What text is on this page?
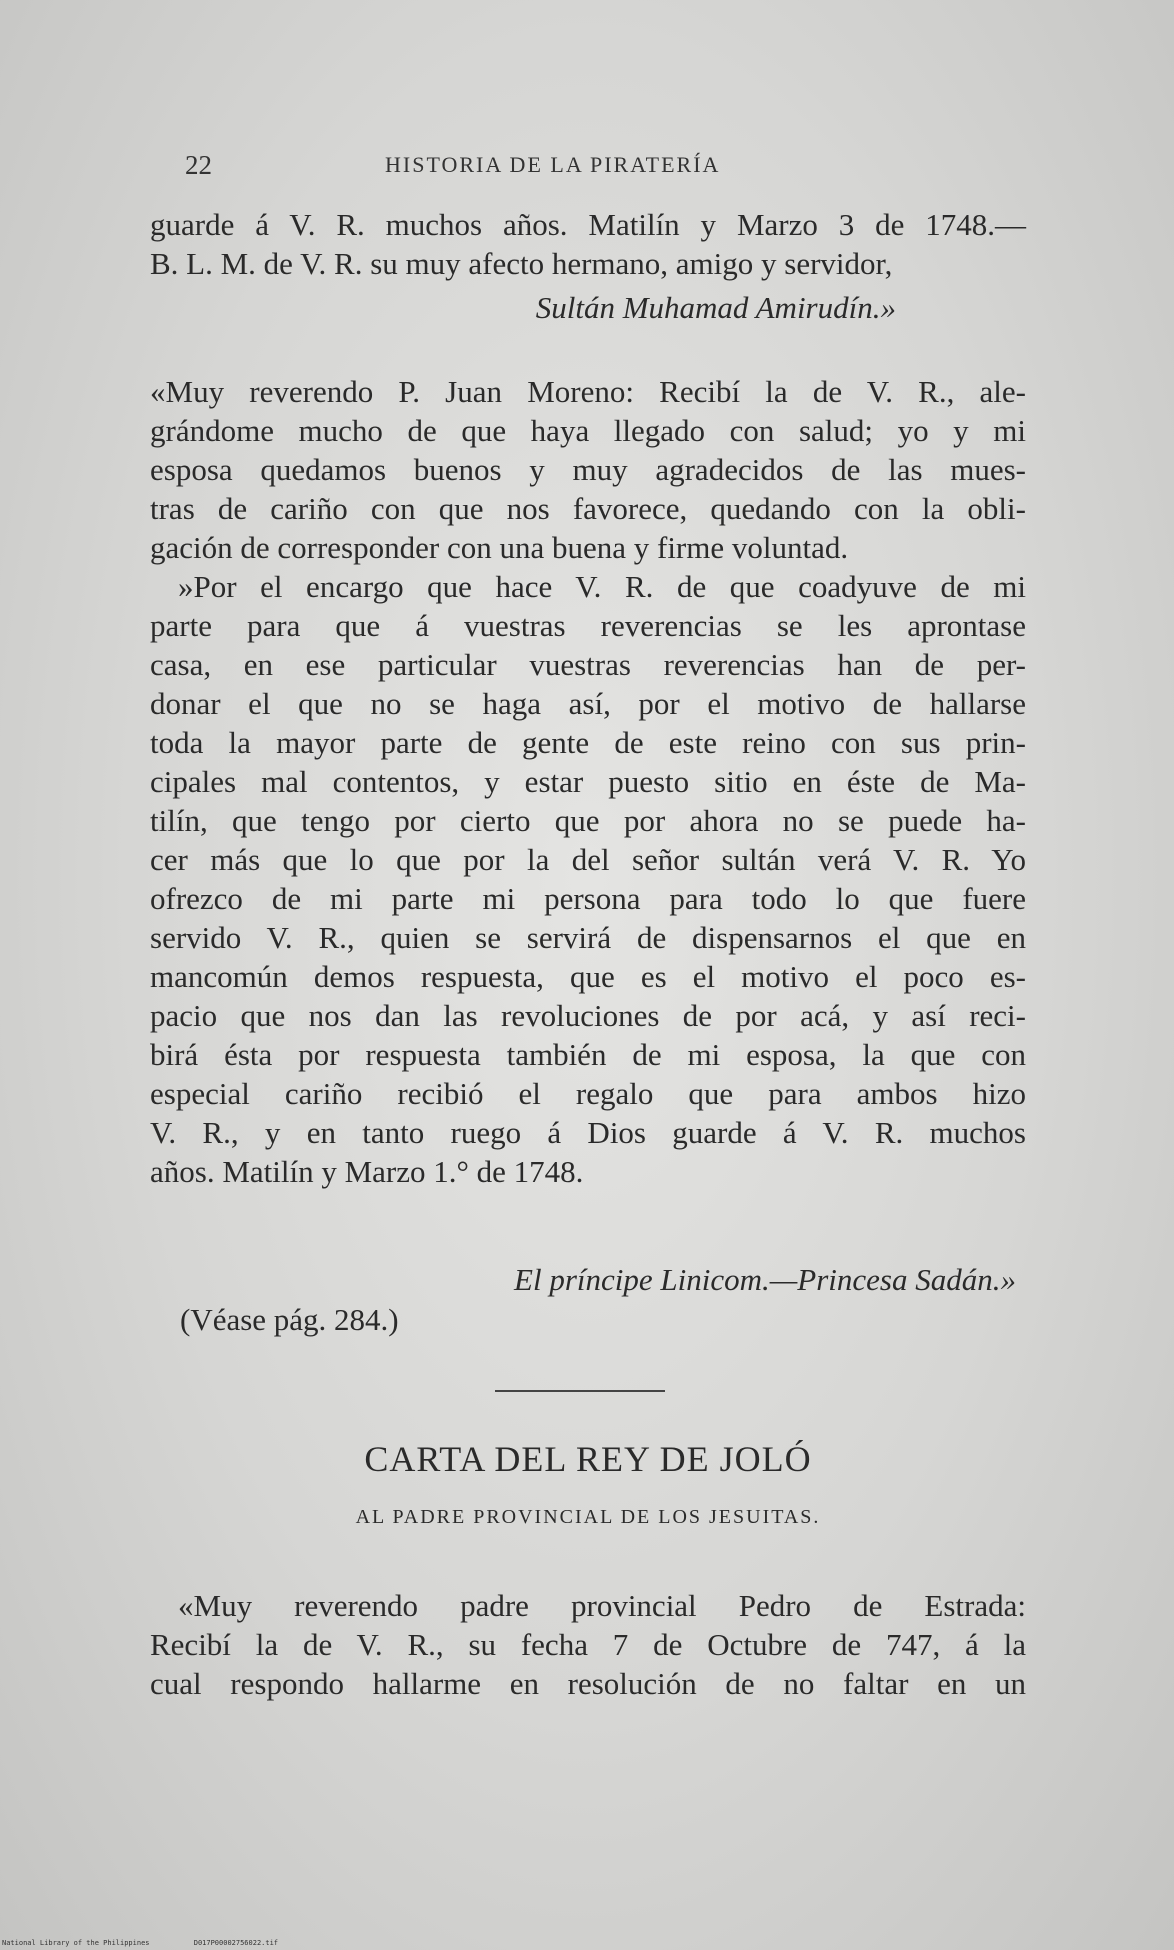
22	HISTORIA DE LA PIRATERÍA
guarde á V. R. muchos años. Matilín y Marzo 3 de 1748.—
B. L. M. de V. R. su muy afecto hermano, amigo y servidor,
Sultán Muhamad Amirudín.»
«Muy reverendo P. Juan Moreno: Recibí la de V. R., ale-
grándome mucho de que haya llegado con salud; yo y mi
esposa quedamos buenos y muy agradecidos de las mues-
tras de cariño con que nos favorece, quedando con la obli-
gación de corresponder con una buena y firme voluntad.
»Por el encargo que hace V. R. de que coadyuve de mi
parte para que á vuestras reverencias se les aprontase
casa, en ese particular vuestras reverencias han de per-
donar el que no se haga así, por el motivo de hallarse
toda la mayor parte de gente de este reino con sus prin-
cipales mal contentos, y estar puesto sitio en éste de Ma-
tilín, que tengo por cierto que por ahora no se puede ha-
cer más que lo que por la del señor sultán verá V. R. Yo
ofrezco de mi parte mi persona para todo lo que fuere
servido V. R., quien se servirá de dispensarnos el que en
mancomún demos respuesta, que es el motivo el poco es-
pacio que nos dan las revoluciones de por acá, y así reci-
birá ésta por respuesta también de mi esposa, la que con
especial cariño recibió el regalo que para ambos hizo
V. R., y en tanto ruego á Dios guarde á V. R. muchos
años. Matilín y Marzo 1.° de 1748.
El príncipe Linicom.—Princesa Sadán.»
(Véase pág. 284.)
CARTA DEL REY DE JOLÓ
AL PADRE PROVINCIAL DE LOS JESUITAS.
«Muy reverendo padre provincial Pedro de Estrada:
Recibí la de V. R., su fecha 7 de Octubre de 747, á la
cual respondo hallarme en resolución de no faltar en un
National Library of the Philippines	D017P00002756022.tif
